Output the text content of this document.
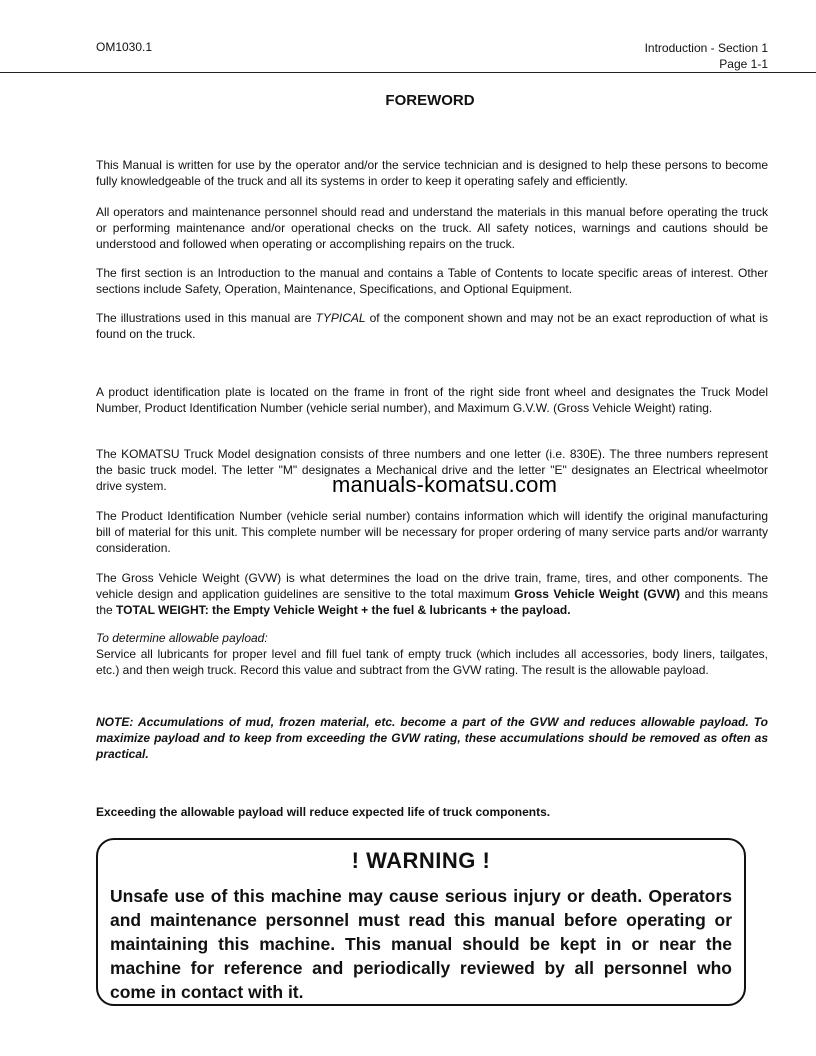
OM1030.1	Introduction - Section 1
Page 1-1
FOREWORD

This Manual is written for use by the operator and/or the service technician and is designed to help these persons to become fully knowledgeable of the truck and all its systems in order to keep it operating safely and efficiently.

All operators and maintenance personnel should read and understand the materials in this manual before operating the truck or performing maintenance and/or operational checks on the truck. All safety notices, warnings and cautions should be understood and followed when operating or accomplishing repairs on the truck.

The first section is an Introduction to the manual and contains a Table of Contents to locate specific areas of interest. Other sections include Safety, Operation, Maintenance, Specifications, and Optional Equipment.

The illustrations used in this manual are TYPICAL of the component shown and may not be an exact reproduction of what is found on the truck.

A product identification plate is located on the frame in front of the right side front wheel and designates the Truck Model Number, Product Identification Number (vehicle serial number), and Maximum G.V.W. (Gross Vehicle Weight) rating.

The KOMATSU Truck Model designation consists of three numbers and one letter (i.e. 830E). The three numbers represent the basic truck model. The letter "M" designates a Mechanical drive and the letter "E" designates an Electrical wheelmotor drive system.	manuals-komatsu.com

The Product Identification Number (vehicle serial number) contains information which will identify the original manufacturing bill of material for this unit. This complete number will be necessary for proper ordering of many service parts and/or warranty consideration.

The Gross Vehicle Weight (GVW) is what determines the load on the drive train, frame, tires, and other components. The vehicle design and application guidelines are sensitive to the total maximum Gross Vehicle Weight (GVW) and this means the TOTAL WEIGHT: the Empty Vehicle Weight + the fuel & lubricants + the payload.

To determine allowable payload:
Service all lubricants for proper level and fill fuel tank of empty truck (which includes all accessories, body liners, tailgates, etc.) and then weigh truck. Record this value and subtract from the GVW rating. The result is the allowable payload.

NOTE: Accumulations of mud, frozen material, etc. become a part of the GVW and reduces allowable payload. To maximize payload and to keep from exceeding the GVW rating, these accumulations should be removed as often as practical.

Exceeding the allowable payload will reduce expected life of truck components.

! WARNING !
Unsafe use of this machine may cause serious injury or death. Operators and maintenance personnel must read this manual before operating or maintaining this machine. This manual should be kept in or near the machine for reference and periodically reviewed by all personnel who come in contact with it.
